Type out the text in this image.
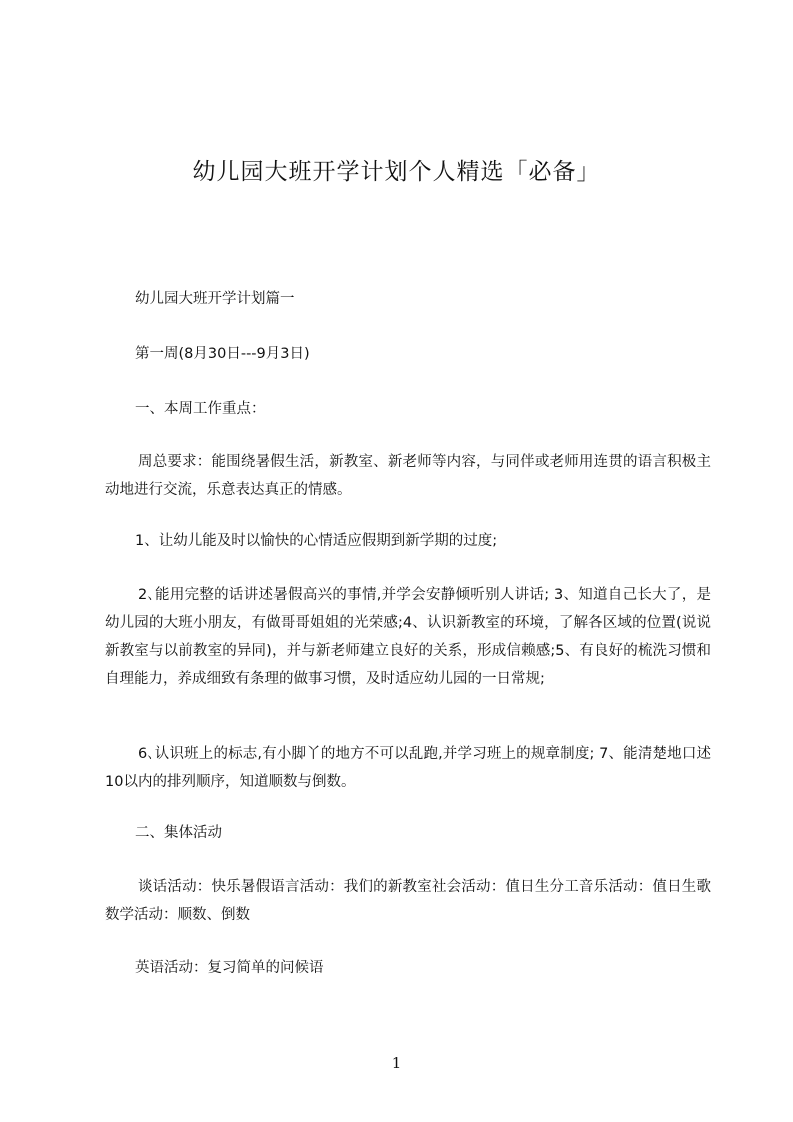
幼儿园大班开学计划个人精选「必备」

幼儿园大班开学计划篇一

第一周(8月30日---9月3日)

一、本周工作重点：

周总要求：能围绕暑假生活，新教室、新老师等内容，与同伴或老师用连贯的语言积极主动地进行交流，乐意表达真正的情感。

1、让幼儿能及时以愉快的心情适应假期到新学期的过度;

2､能用完整的话讲述暑假高兴的事情,并学会安静倾听别人讲话; 3、知道自己长大了，是幼儿园的大班小朋友，有做哥哥姐姐的光荣感;4、认识新教室的环境，了解各区域的位置(说说新教室与以前教室的异同)，并与新老师建立良好的关系，形成信赖感;5、有良好的梳洗习惯和自理能力，养成细致有条理的做事习惯，及时适应幼儿园的一日常规;

6､认识班上的标志,有小脚丫的地方不可以乱跑,并学习班上的规章制度; 7、能清楚地口述10以内的排列顺序，知道顺数与倒数。

二、集体活动

谈话活动：快乐暑假语言活动：我们的新教室社会活动：值日生分工音乐活动：值日生歌数学活动：顺数、倒数

英语活动：复习简单的问候语

1
